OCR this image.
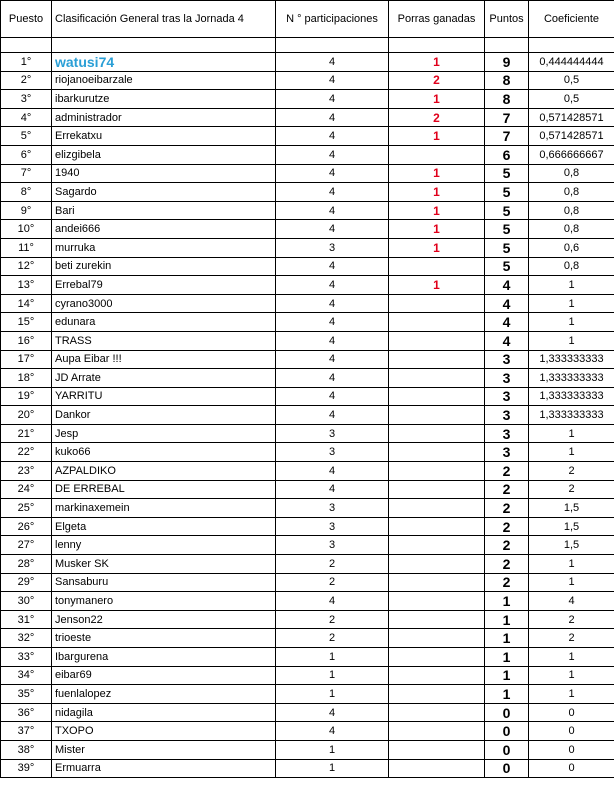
Puesto	Clasificación General tras la Jornada 4	N ° participaciones	Porras ganadas	Puntos	Coeficiente

1°	watusi74	4	1	9	0,444444444
2°	riojanoeibarzale	4	2	8	0,5
3°	ibarkurutze	4	1	8	0,5
4°	administrador	4	2	7	0,571428571
5°	Errekatxu	4	1	7	0,571428571
6°	elizgibela	4		6	0,666666667
7°	1940	4	1	5	0,8
8°	Sagardo	4	1	5	0,8
9°	Bari	4	1	5	0,8
10°	andei666	4	1	5	0,8
11°	murruka	3	1	5	0,6
12°	beti zurekin	4		5	0,8
13°	Errebal79	4	1	4	1
14°	cyrano3000	4		4	1
15°	edunara	4		4	1
16°	TRASS	4		4	1
17°	Aupa Eibar !!!	4		3	1,333333333
18°	JD Arrate	4		3	1,333333333
19°	YARRITU	4		3	1,333333333
20°	Dankor	4		3	1,333333333
21°	Jesp	3		3	1
22°	kuko66	3		3	1
23°	AZPALDIKO	4		2	2
24°	DE ERREBAL	4		2	2
25°	markinaxemein	3		2	1,5
26°	Elgeta	3		2	1,5
27°	lenny	3		2	1,5
28°	Musker SK	2		2	1
29°	Sansaburu	2		2	1
30°	tonymanero	4		1	4
31°	Jenson22	2		1	2
32°	trioeste	2		1	2
33°	Ibargurena	1		1	1
34°	eibar69	1		1	1
35°	fuenlalopez	1		1	1
36°	nidagila	4		0	0
37°	TXOPO	4		0	0
38°	Mister	1		0	0
39°	Ermuarra	1		0	0
